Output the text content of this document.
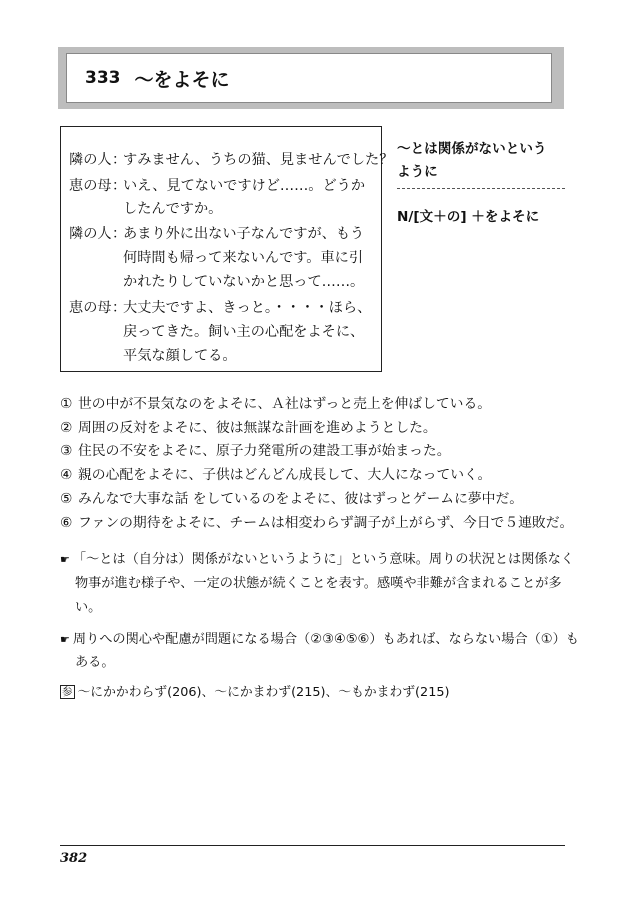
333 ～をよそに
隣の人 ：
すみません、うちの猫、見ませんでした？
恵の母 ：
いえ、見てないですけど……。どうか
したんですか。
隣の人 ：
あまり外に出ない子なんですが、もう
何時間も帰って来ないんです。車に引
かれたりしていないかと思って……。
恵の母 ：
大丈夫ですよ、きっと。・・・・ほら、
戻ってきた。飼い主の心配をよそに、
平気な顔してる。
～とは関係がないという
ように
N/[文＋の] ＋をよそに
① 世の中が不景気なのをよそに、Ａ社はずっと売上を伸ばしている。
② 周囲の反対をよそに、彼は無謀な計画を進めようとした。
③ 住民の不安をよそに、原子力発電所の建設工事が始まった。
④ 親の心配をよそに、子供はどんどん成長して、大人になっていく。
⑤ みんなで大事な話 をしているのをよそに、彼はずっとゲームに夢中だ。
⑥ ファンの期待をよそに、チームは相変わらず調子が上がらず、今日で５連敗だ。
☛ 「～とは（自分は）関係がないというように」という意味。周りの状況とは関係なく
物事が進む様子や、一定の状態が続くことを表す。感嘆や非難が含まれることが多
い。
☛ 周りへの関心や配慮が問題になる場合（②③④⑤⑥）もあれば、ならない場合（①）も
ある。
参 ～にかかわらず(206)、～にかまわず(215)、～もかまわず(215)
382
